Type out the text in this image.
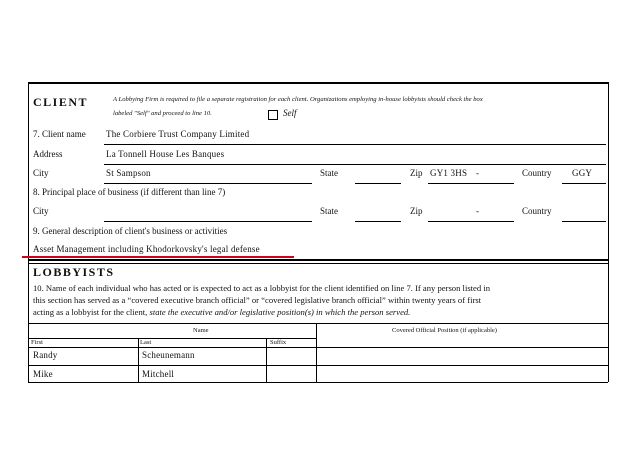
CLIENT	A Lobbying Firm is required to file a separate registration for each client. Organizations employing in-house lobbyists should check the box
labeled "Self" and proceed to line 10.	Self
7. Client name The Corbiere Trust Company Limited
Address	La Tonnell House Les Banques
City	St Sampson	State	Zip GY1 3HS -	Country GGY
8. Principal place of business (if different than line 7)
City	State	Zip	-	Country
9. General description of client's business or activities
Asset Management including Khodorkovsky's legal defense
LOBBYISTS
10. Name of each individual who has acted or is expected to act as a lobbyist for the client identified on line 7. If any person listed in
this section has served as a “covered executive branch official” or “covered legislative branch official” within twenty years of first
acting as a lobbyist for the client, state the executive and/or legislative position(s) in which the person served.
Name	Covered Official Position (if applicable)
First	Last	Suffix
Randy	Scheunemann
Mike	Mitchell
